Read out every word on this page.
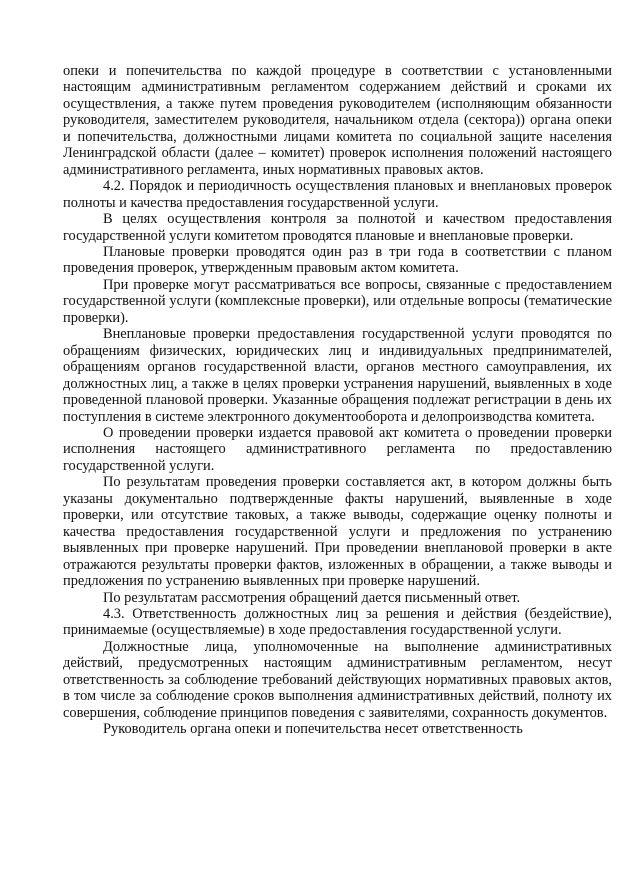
опеки и попечительства по каждой процедуре в соответствии с установленными настоящим административным регламентом содержанием действий и сроками их осуществления, а также путем проведения руководителем (исполняющим обязанности руководителя, заместителем руководителя, начальником отдела (сектора)) органа опеки и попечительства, должностными лицами комитета по социальной защите населения Ленинградской области (далее – комитет) проверок исполнения положений настоящего административного регламента, иных нормативных правовых актов.

4.2. Порядок и периодичность осуществления плановых и внеплановых проверок полноты и качества предоставления государственной услуги.

В целях осуществления контроля за полнотой и качеством предоставления государственной услуги комитетом проводятся плановые и внеплановые проверки.

Плановые проверки проводятся один раз в три года в соответствии с планом проведения проверок, утвержденным правовым актом комитета.

При проверке могут рассматриваться все вопросы, связанные с предоставлением государственной услуги (комплексные проверки), или отдельные вопросы (тематические проверки).

Внеплановые проверки предоставления государственной услуги проводятся по обращениям физических, юридических лиц и индивидуальных предпринимателей, обращениям органов государственной власти, органов местного самоуправления, их должностных лиц, а также в целях проверки устранения нарушений, выявленных в ходе проведенной плановой проверки. Указанные обращения подлежат регистрации в день их поступления в системе электронного документооборота и делопроизводства комитета.

О проведении проверки издается правовой акт комитета о проведении проверки исполнения настоящего административного регламента по предоставлению государственной услуги.

По результатам проведения проверки составляется акт, в котором должны быть указаны документально подтвержденные факты нарушений, выявленные в ходе проверки, или отсутствие таковых, а также выводы, содержащие оценку полноты и качества предоставления государственной услуги и предложения по устранению выявленных при проверке нарушений. При проведении внеплановой проверки в акте отражаются результаты проверки фактов, изложенных в обращении, а также выводы и предложения по устранению выявленных при проверке нарушений.

По результатам рассмотрения обращений дается письменный ответ.

4.3. Ответственность должностных лиц за решения и действия (бездействие), принимаемые (осуществляемые) в ходе предоставления государственной услуги.

Должностные лица, уполномоченные на выполнение административных действий, предусмотренных настоящим административным регламентом, несут ответственность за соблюдение требований действующих нормативных правовых актов, в том числе за соблюдение сроков выполнения административных действий, полноту их совершения, соблюдение принципов поведения с заявителями, сохранность документов.

Руководитель органа опеки и попечительства несет ответственность
